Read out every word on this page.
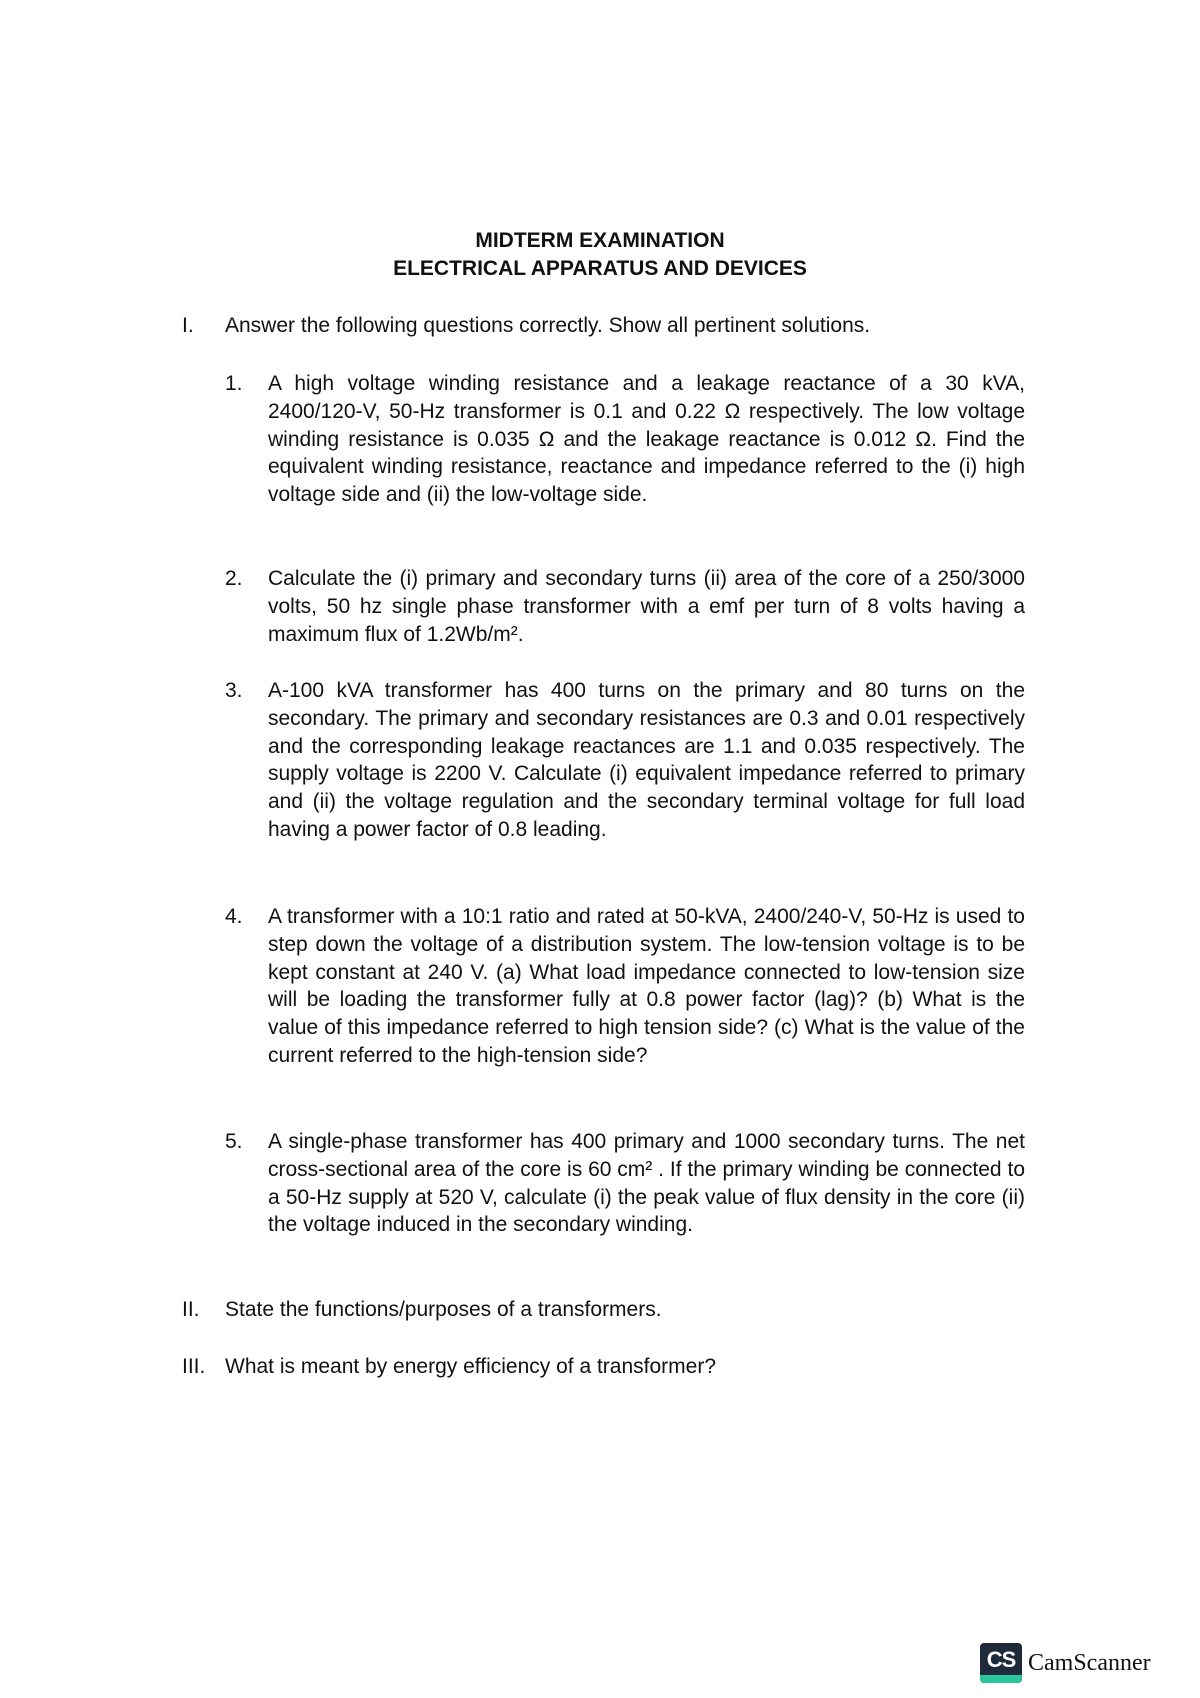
MIDTERM EXAMINATION
ELECTRICAL APPARATUS AND DEVICES
I. Answer the following questions correctly. Show all pertinent solutions.
1. A high voltage winding resistance and a leakage reactance of a 30 kVA, 2400/120-V, 50-Hz transformer is 0.1 and 0.22 Ω respectively. The low voltage winding resistance is 0.035 Ω and the leakage reactance is 0.012 Ω. Find the equivalent winding resistance, reactance and impedance referred to the (i) high voltage side and (ii) the low-voltage side.
2. Calculate the (i) primary and secondary turns (ii) area of the core of a 250/3000 volts, 50 hz single phase transformer with a emf per turn of 8 volts having a maximum flux of 1.2Wb/m².
3. A-100 kVA transformer has 400 turns on the primary and 80 turns on the secondary. The primary and secondary resistances are 0.3 and 0.01 respectively and the corresponding leakage reactances are 1.1 and 0.035 respectively. The supply voltage is 2200 V. Calculate (i) equivalent impedance referred to primary and (ii) the voltage regulation and the secondary terminal voltage for full load having a power factor of 0.8 leading.
4. A transformer with a 10:1 ratio and rated at 50-kVA, 2400/240-V, 50-Hz is used to step down the voltage of a distribution system. The low-tension voltage is to be kept constant at 240 V. (a) What load impedance connected to low-tension size will be loading the transformer fully at 0.8 power factor (lag)? (b) What is the value of this impedance referred to high tension side? (c) What is the value of the current referred to the high-tension side?
5. A single-phase transformer has 400 primary and 1000 secondary turns. The net cross-sectional area of the core is 60 cm² . If the primary winding be connected to a 50-Hz supply at 520 V, calculate (i) the peak value of flux density in the core (ii) the voltage induced in the secondary winding.
II. State the functions/purposes of a transformers.
III. What is meant by energy efficiency of a transformer?
CS CamScanner
